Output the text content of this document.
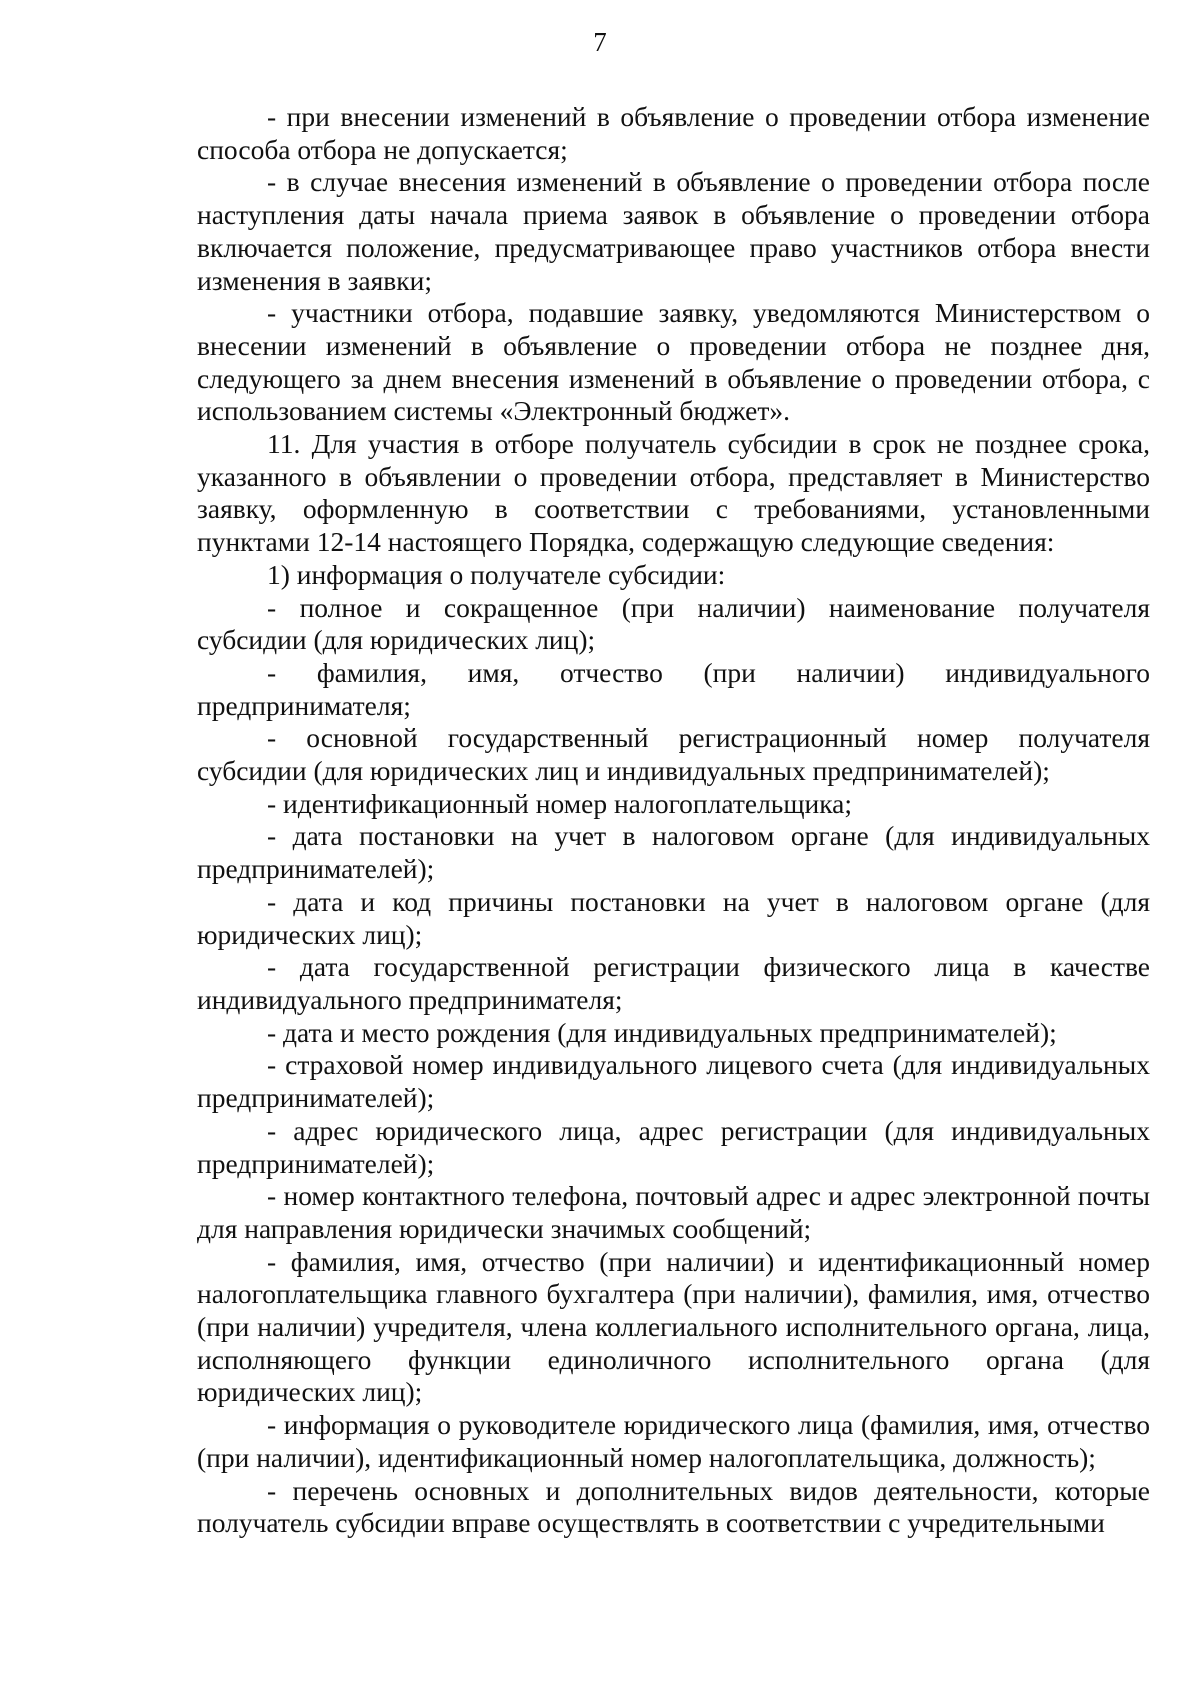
7

- при внесении изменений в объявление о проведении отбора изменение способа отбора не допускается;

- в случае внесения изменений в объявление о проведении отбора после наступления даты начала приема заявок в объявление о проведении отбора включается положение, предусматривающее право участников отбора внести изменения в заявки;

- участники отбора, подавшие заявку, уведомляются Министерством о внесении изменений в объявление о проведении отбора не позднее дня, следующего за днем внесения изменений в объявление о проведении отбора, с использованием системы «Электронный бюджет».

11. Для участия в отборе получатель субсидии в срок не позднее срока, указанного в объявлении о проведении отбора, представляет в Министерство заявку, оформленную в соответствии с требованиями, установленными пунктами 12-14 настоящего Порядка, содержащую следующие сведения:

1) информация о получателе субсидии:

- полное и сокращенное (при наличии) наименование получателя субсидии (для юридических лиц);

- фамилия, имя, отчество (при наличии) индивидуального предпринимателя;

- основной государственный регистрационный номер получателя субсидии (для юридических лиц и индивидуальных предпринимателей);

- идентификационный номер налогоплательщика;

- дата постановки на учет в налоговом органе (для индивидуальных предпринимателей);

- дата и код причины постановки на учет в налоговом органе (для юридических лиц);

- дата государственной регистрации физического лица в качестве индивидуального предпринимателя;

- дата и место рождения (для индивидуальных предпринимателей);

- страховой номер индивидуального лицевого счета (для индивидуальных предпринимателей);

- адрес юридического лица, адрес регистрации (для индивидуальных предпринимателей);

- номер контактного телефона, почтовый адрес и адрес электронной почты для направления юридически значимых сообщений;

- фамилия, имя, отчество (при наличии) и идентификационный номер налогоплательщика главного бухгалтера (при наличии), фамилия, имя, отчество (при наличии) учредителя, члена коллегиального исполнительного органа, лица, исполняющего функции единоличного исполнительного органа (для юридических лиц);

- информация о руководителе юридического лица (фамилия, имя, отчество (при наличии), идентификационный номер налогоплательщика, должность);

- перечень основных и дополнительных видов деятельности, которые получатель субсидии вправе осуществлять в соответствии с учредительными
